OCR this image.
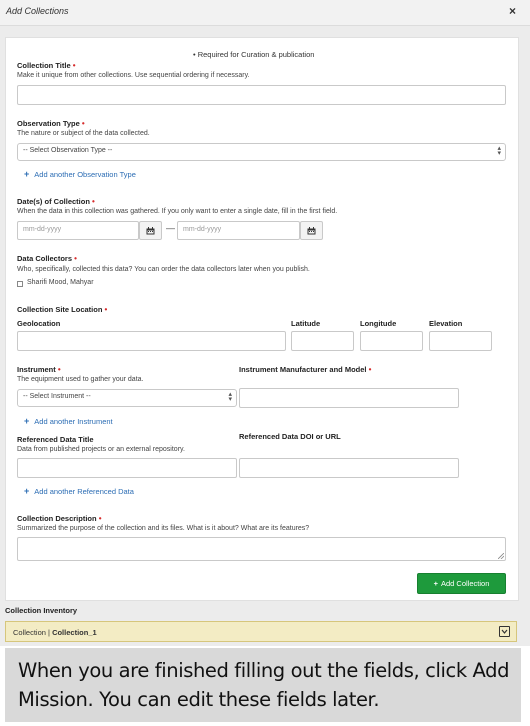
Add Collections	×
• Required for Curation & publication
Collection Title •
Make it unique from other collections. Use sequential ordering if necessary.
Observation Type •
The nature or subject of the data collected.
-- Select Observation Type --	▴
▾
+ Add another Observation Type
Date(s) of Collection •
When the data in this collection was gathered. If you only want to enter a single date, fill in the first field.
mm-dd-yyyy	—	mm-dd-yyyy
Data Collectors •
Who, specifically, collected this data? You can order the data collectors later when you publish.
Sharifi Mood, Mahyar
Collection Site Location •
Geolocation	Latitude	Longitude	Elevation
Instrument •
The equipment used to gather your data.
Instrument Manufacturer and Model •
-- Select Instrument --	▴
▾
+ Add another Instrument
Referenced Data Title
Data from published projects or an external repository.
Referenced Data DOI or URL
+ Add another Referenced Data
Collection Description •
Summarized the purpose of the collection and its files. What is it about? What are its features?
+ Add Collection
Collection Inventory
Collection | Collection_1
When you are finished filling out the fields, click Add Mission. You can edit these fields later.
